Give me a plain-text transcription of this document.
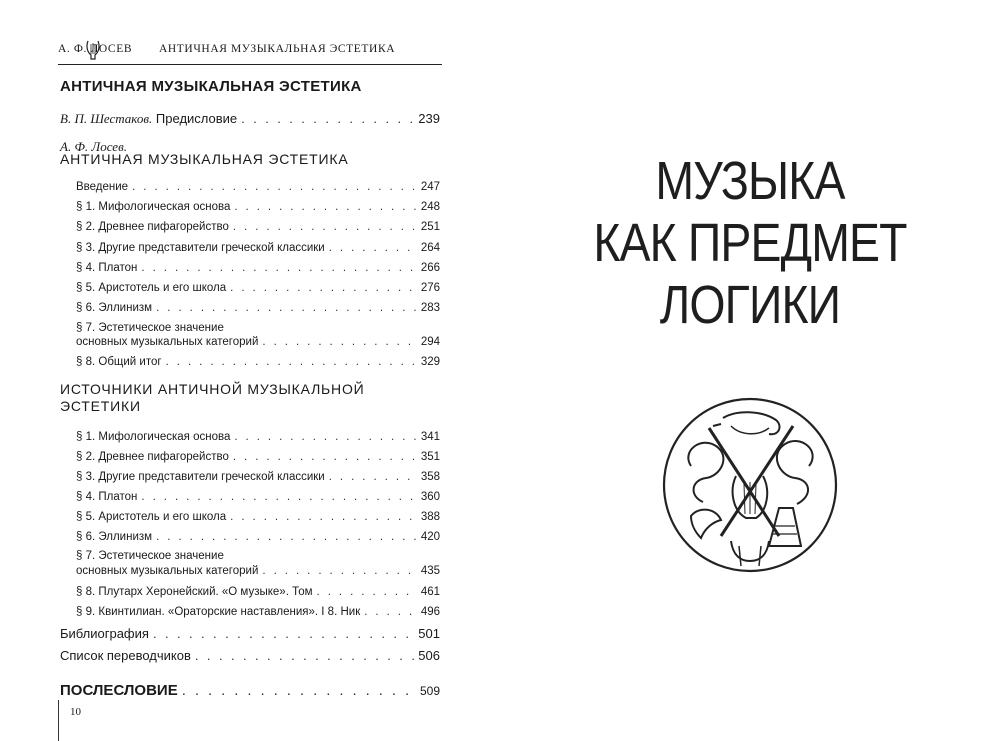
А. Ф. ЛОСЕВ АНТИЧНАЯ МУЗЫКАЛЬНАЯ ЭСТЕТИКА
АНТИЧНАЯ МУЗЫКАЛЬНАЯ ЭСТЕТИКА
В. П. Шестаков. Предисловие . . .	239
А. Ф. Лосев.
АНТИЧНАЯ МУЗЫКАЛЬНАЯ ЭСТЕТИКА
Введение . . .	247
§ 1. Мифологическая основа . . .	248
§ 2. Древнее пифагорейство . . .	251
§ 3. Другие представители греческой классики . . .	264
§ 4. Платон . . .	266
§ 5. Аристотель и его школа . . .	276
§ 6. Эллинизм . . .	283
§ 7. Эстетическое значение
основных музыкальных категорий . . .	294
§ 8. Общий итог . . .	329
ИСТОЧНИКИ АНТИЧНОЙ МУЗЫКАЛЬНОЙ
ЭСТЕТИКИ
§ 1. Мифологическая основа . . .	341
§ 2. Древнее пифагорейство . . .	351
§ 3. Другие представители греческой классики . . .	358
§ 4. Платон . . .	360
§ 5. Аристотель и его школа . . .	388
§ 6. Эллинизм . . .	420
§ 7. Эстетическое значение
основных музыкальных категорий . . .	435
§ 8. Плутарх Херонейский. «О музыке». Том . . .	461
§ 9. Квинтилиан. «Ораторские наставления». I 8. Ник . . .	496
Библиография . . .	501
Список переводчиков . . .	506
ПОСЛЕСЛОВИЕ . . .	509
10
МУЗЫКА
КАК ПРЕДМЕТ
ЛОГИКИ
